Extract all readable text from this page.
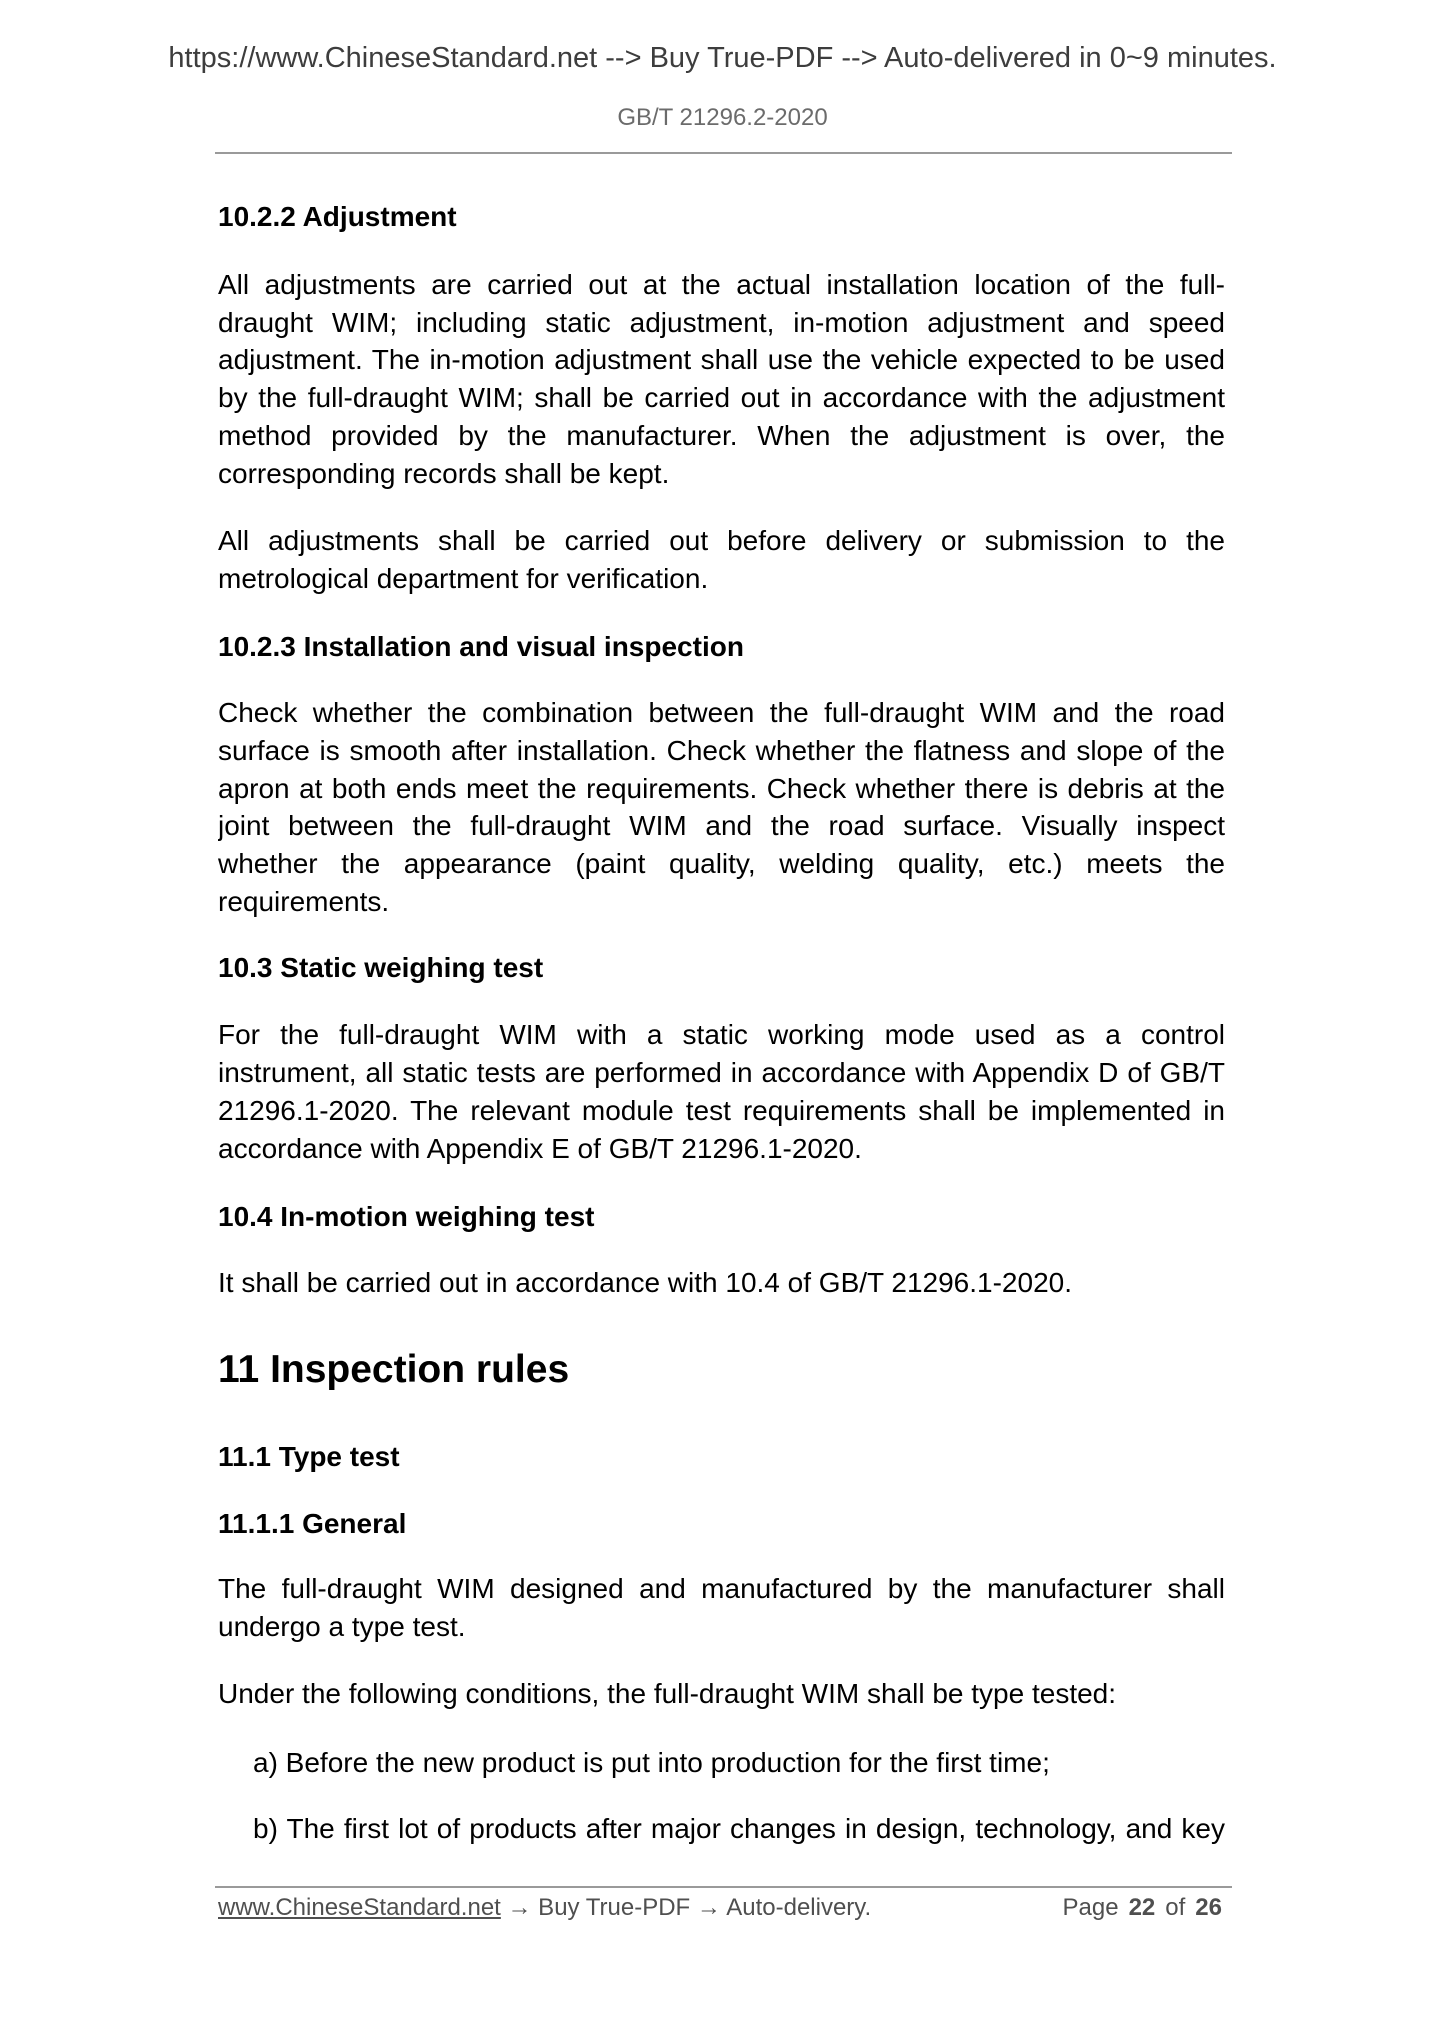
https://www.ChineseStandard.net --> Buy True-PDF --> Auto-delivered in 0~9 minutes.
GB/T 21296.2-2020
10.2.2 Adjustment
All adjustments are carried out at the actual installation location of the full-
draught WIM; including static adjustment, in-motion adjustment and speed
adjustment. The in-motion adjustment shall use the vehicle expected to be used
by the full-draught WIM; shall be carried out in accordance with the adjustment
method provided by the manufacturer. When the adjustment is over, the
corresponding records shall be kept.
All adjustments shall be carried out before delivery or submission to the
metrological department for verification.
10.2.3 Installation and visual inspection
Check whether the combination between the full-draught WIM and the road
surface is smooth after installation. Check whether the flatness and slope of the
apron at both ends meet the requirements. Check whether there is debris at the
joint between the full-draught WIM and the road surface. Visually inspect
whether the appearance (paint quality, welding quality, etc.) meets the
requirements.
10.3 Static weighing test
For the full-draught WIM with a static working mode used as a control
instrument, all static tests are performed in accordance with Appendix D of GB/T
21296.1-2020. The relevant module test requirements shall be implemented in
accordance with Appendix E of GB/T 21296.1-2020.
10.4 In-motion weighing test
It shall be carried out in accordance with 10.4 of GB/T 21296.1-2020.
11 Inspection rules
11.1 Type test
11.1.1 General
The full-draught WIM designed and manufactured by the manufacturer shall
undergo a type test.
Under the following conditions, the full-draught WIM shall be type tested:
a) Before the new product is put into production for the first time;
b) The first lot of products after major changes in design, technology, and key
www.ChineseStandard.net → Buy True-PDF → Auto-delivery.	Page 22 of 26
